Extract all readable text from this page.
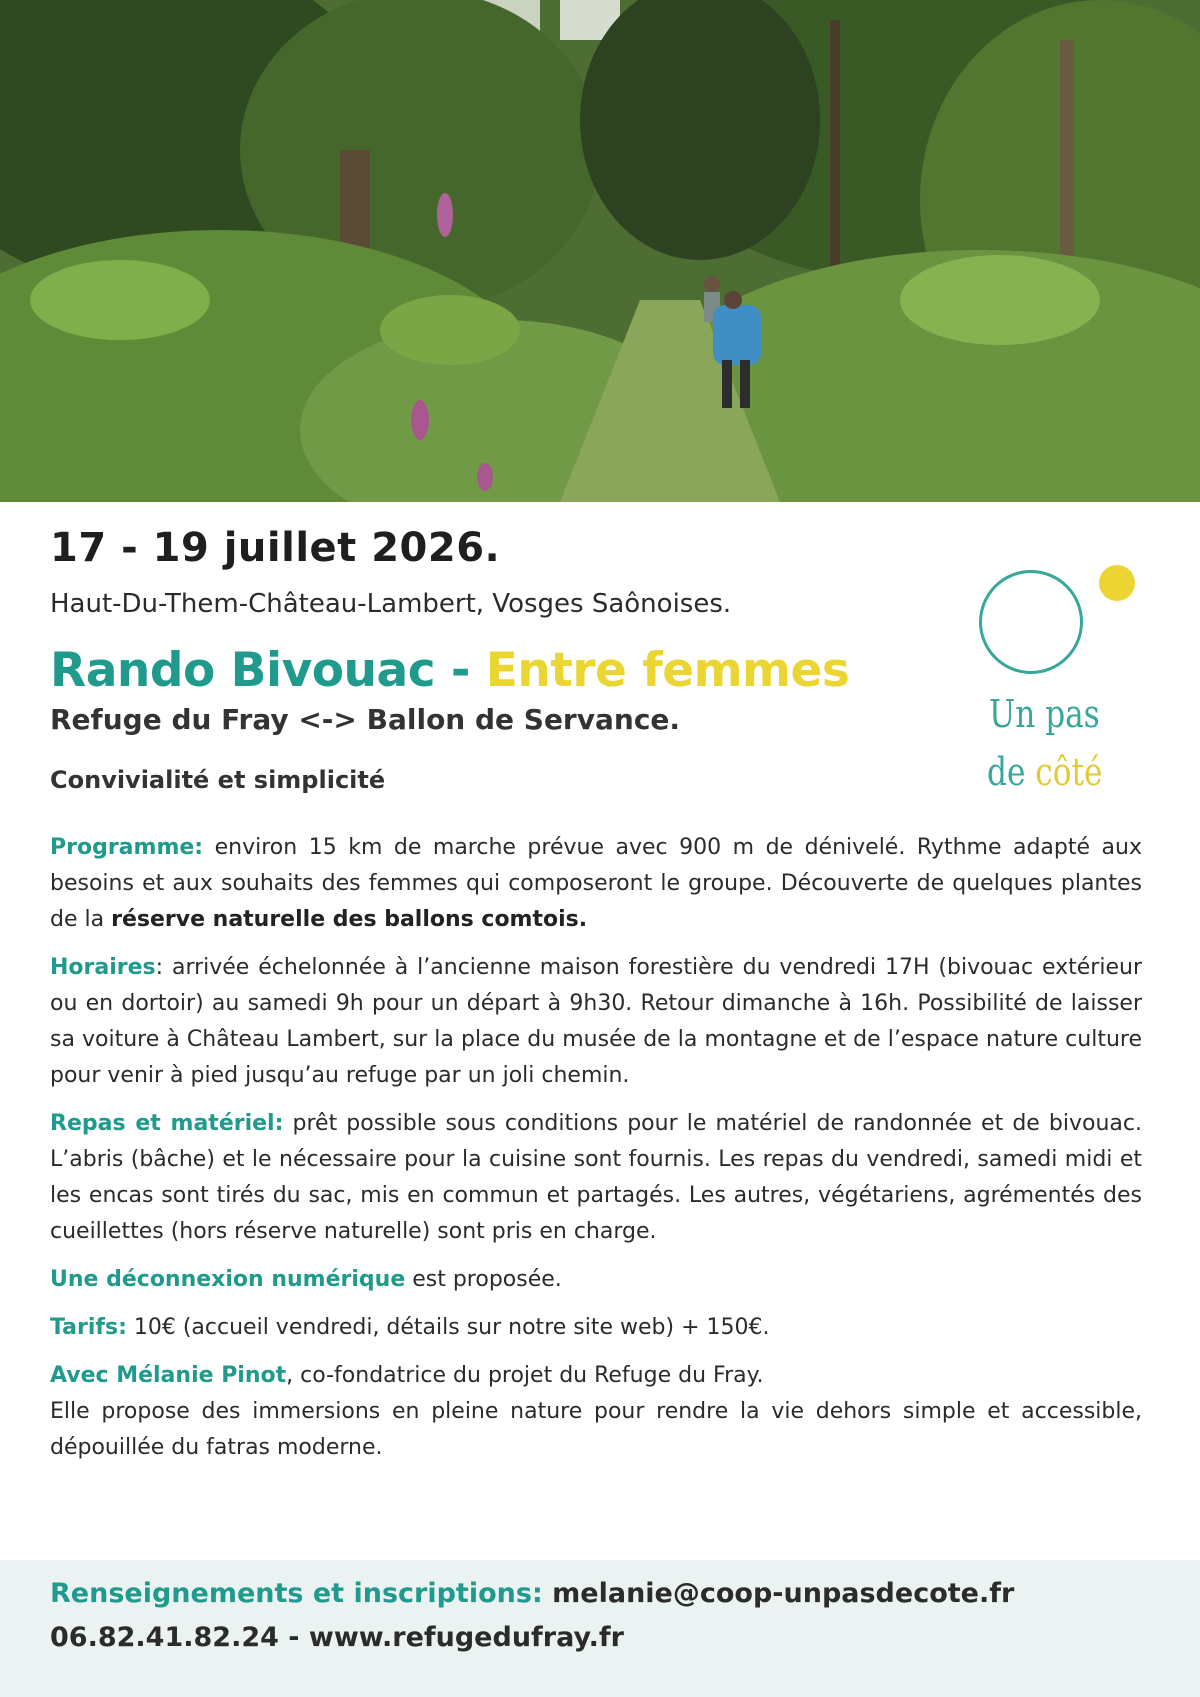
17 - 19 juillet 2026.
Haut-Du-Them-Château-Lambert, Vosges Saônoises.
Rando Bivouac - Entre femmes
Refuge du Fray <-> Ballon de Servance.
Convivialité et simplicité
Un pas
de côté

Programme: environ 15 km de marche prévue avec 900 m de dénivelé. Rythme adapté aux besoins et aux souhaits des femmes qui composeront le groupe. Découverte de quelques plantes de la réserve naturelle des ballons comtois.

Horaires: arrivée échelonnée à l’ancienne maison forestière du vendredi 17H (bivouac extérieur ou en dortoir) au samedi 9h pour un départ à 9h30. Retour dimanche à 16h. Possibilité de laisser sa voiture à Château Lambert, sur la place du musée de la montagne et de l’espace nature culture pour venir à pied jusqu’au refuge par un joli chemin.

Repas et matériel: prêt possible sous conditions pour le matériel de randonnée et de bivouac. L’abris (bâche) et le nécessaire pour la cuisine sont fournis. Les repas du vendredi, samedi midi et les encas sont tirés du sac, mis en commun et partagés. Les autres, végétariens, agrémentés des cueillettes (hors réserve naturelle) sont pris en charge.

Une déconnexion numérique est proposée.

Tarifs: 10€ (accueil vendredi, détails sur notre site web) + 150€.

Avec Mélanie Pinot, co-fondatrice du projet du Refuge du Fray.
Elle propose des immersions en pleine nature pour rendre la vie dehors simple et accessible, dépouillée du fatras moderne.

Renseignements et inscriptions: melanie@coop-unpasdecote.fr
06.82.41.82.24 - www.refugedufray.fr
